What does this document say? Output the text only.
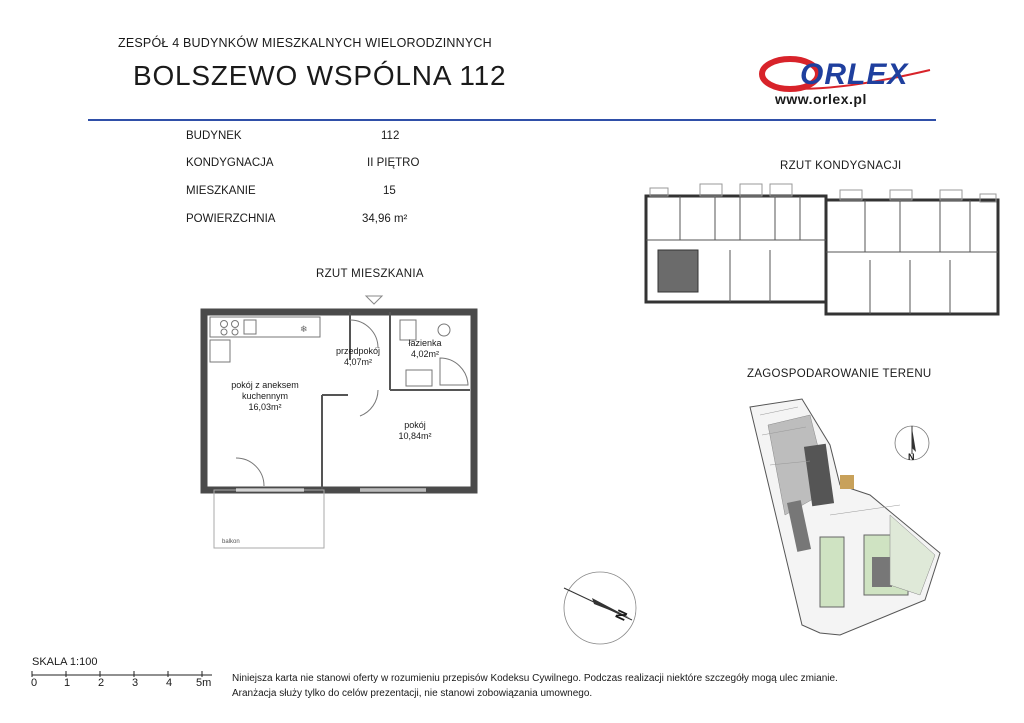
ZESPÓŁ 4 BUDYNKÓW MIESZKALNYCH WIELORODZINNYCH
BOLSZEWO WSPÓLNA 112	ORLEX
www.orlex.pl
BUDYNEK	112
KONDYGNACJA	II PIĘTRO
MIESZKANIE	15
POWIERZCHNIA	34,96 m²
RZUT MIESZKANIA
RZUT KONDYGNACJI
ZAGOSPODAROWANIE TERENU
❄
przedpokój
4,07m²
łazienka
4,02m²
pokój z aneksem
kuchennym
16,03m²
pokój
10,84m²
balkon
N
N
SKALA 1:100
0 1	2	3	4 5m Niniejsza karta nie stanowi oferty w rozumieniu przepisów Kodeksu Cywilnego. Podczas realizacji niektóre szczegóły mogą ulec zmianie.
Aranżacja służy tylko do celów prezentacji, nie stanowi zobowiązania umownego.
